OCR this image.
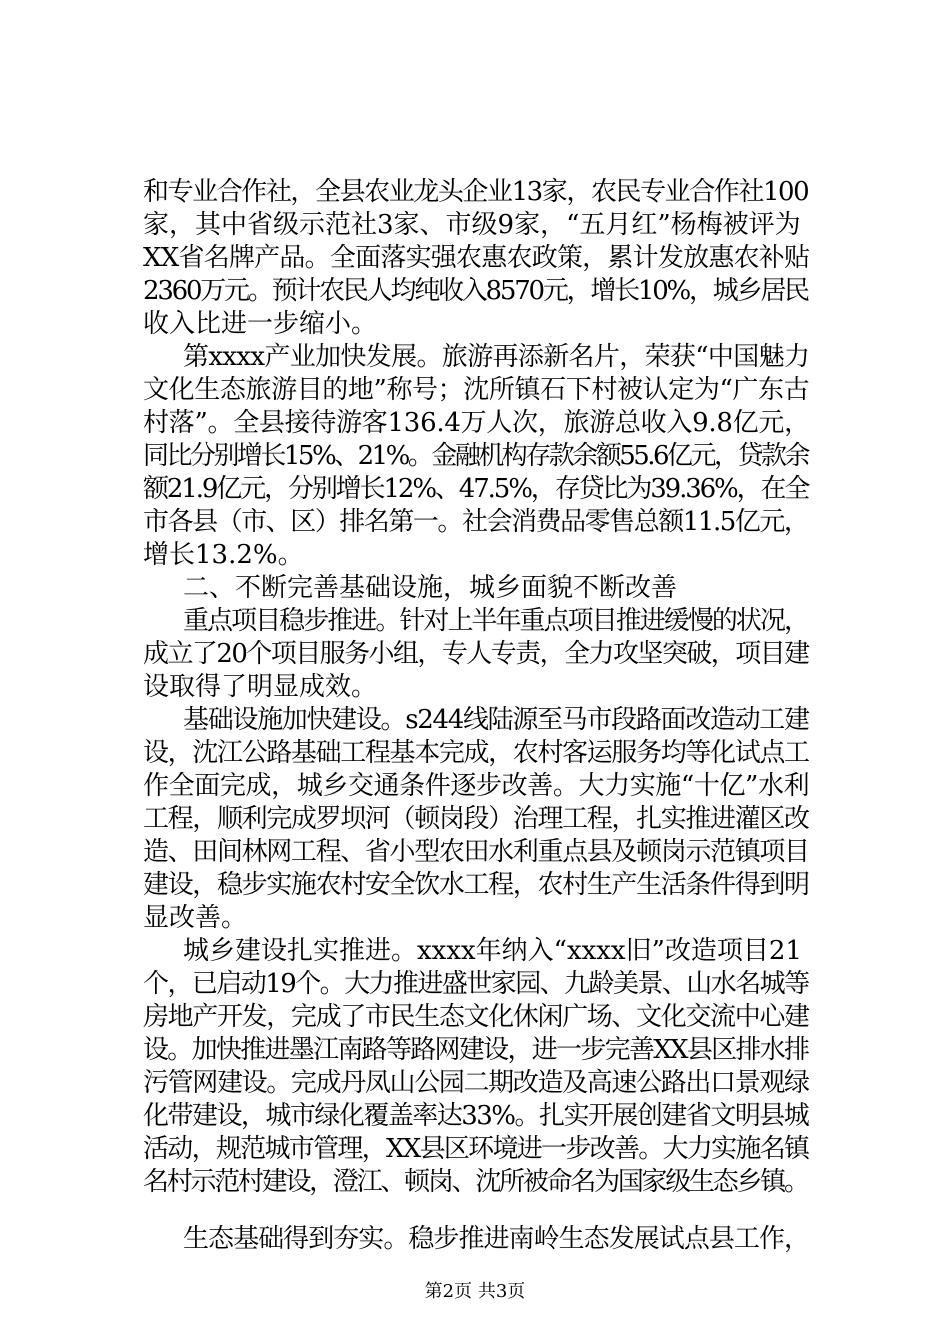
和专业合作社，全县农业龙头企业13家，农民专业合作社100
家，其中省级示范社3家、市级9家，“五月红”杨梅被评为
XX省名牌产品。全面落实强农惠农政策，累计发放惠农补贴
2360万元。预计农民人均纯收入8570元，增长10%，城乡居民
收入比进一步缩小。
第xxxx产业加快发展。旅游再添新名片，荣获“中国魅力
文化生态旅游目的地”称号；沈所镇石下村被认定为“广东古
村落”。全县接待游客136.4万人次，旅游总收入9.8亿元，
同比分别增长15%、21%。金融机构存款余额55.6亿元，贷款余
额21.9亿元，分别增长12%、47.5%，存贷比为39.36%，在全
市各县（市、区）排名第一。社会消费品零售总额11.5亿元，
增长13.2%。
二、不断完善基础设施，城乡面貌不断改善
重点项目稳步推进。针对上半年重点项目推进缓慢的状况，
成立了20个项目服务小组，专人专责，全力攻坚突破，项目建
设取得了明显成效。
基础设施加快建设。s244线陆源至马市段路面改造动工建
设，沈江公路基础工程基本完成，农村客运服务均等化试点工
作全面完成，城乡交通条件逐步改善。大力实施“十亿”水利
工程，顺利完成罗坝河（顿岗段）治理工程，扎实推进灌区改
造、田间林网工程、省小型农田水利重点县及顿岗示范镇项目
建设，稳步实施农村安全饮水工程，农村生产生活条件得到明
显改善。
城乡建设扎实推进。xxxx年纳入“xxxx旧”改造项目21
个，已启动19个。大力推进盛世家园、九龄美景、山水名城等
房地产开发，完成了市民生态文化休闲广场、文化交流中心建
设。加快推进墨江南路等路网建设，进一步完善XX县区排水排
污管网建设。完成丹凤山公园二期改造及高速公路出口景观绿
化带建设，城市绿化覆盖率达33%。扎实开展创建省文明县城
活动，规范城市管理，XX县区环境进一步改善。大力实施名镇
名村示范村建设，澄江、顿岗、沈所被命名为国家级生态乡镇。
生态基础得到夯实。稳步推进南岭生态发展试点县工作，
第2页 共3页
